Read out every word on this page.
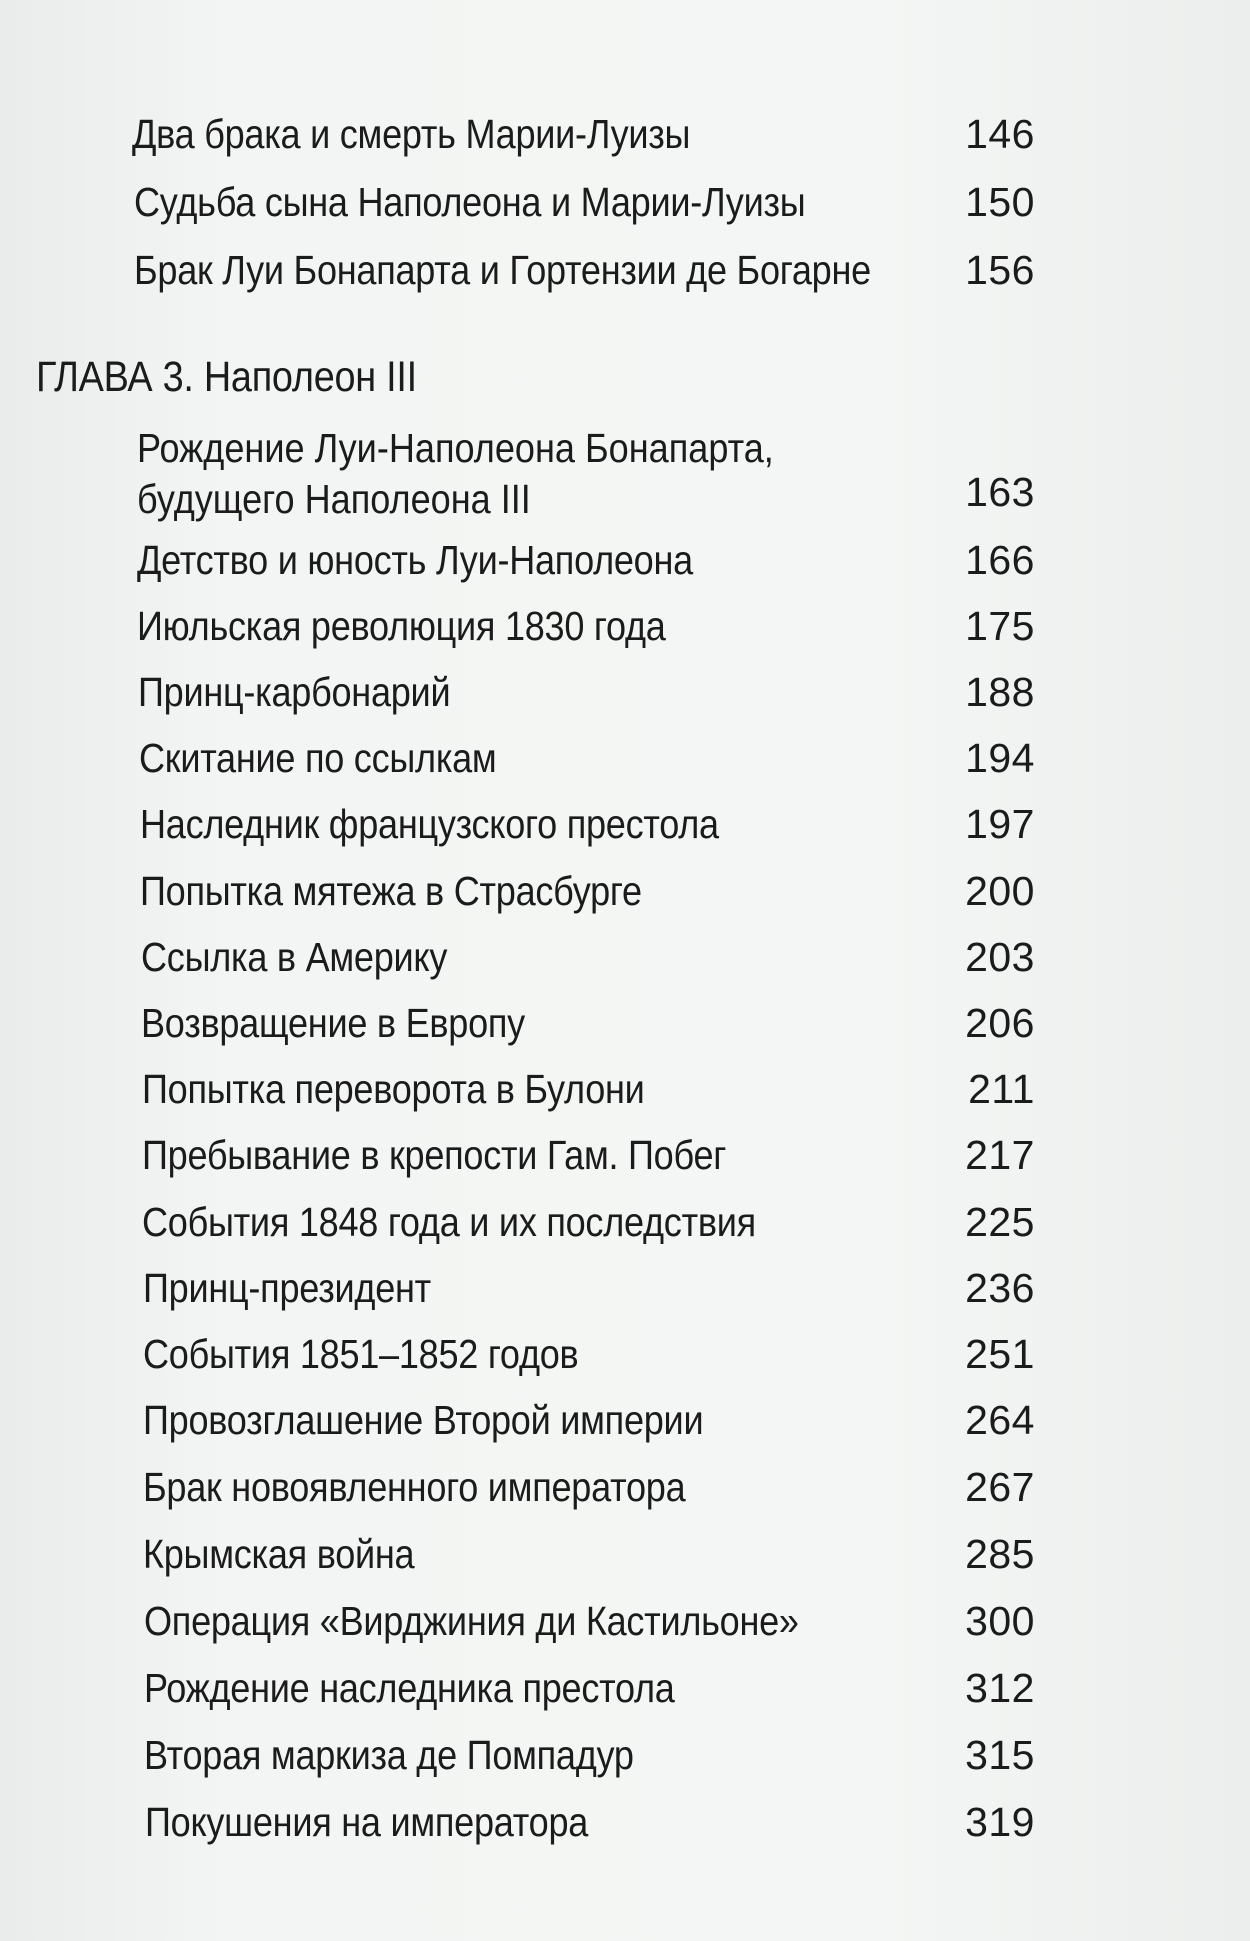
Два брака и смерть Марии-Луизы	146
Судьба сына Наполеона и Марии-Луизы	150
Брак Луи Бонапарта и Гортензии де Богарне 156
ГЛАВА 3. Наполеон III
Рождение Луи-Наполеона Бонапарта,
будущего Наполеона III	163
Детство и юность Луи-Наполеона	166
Июльская революция 1830 года	175
Принц-карбонарий	188
Скитание по ссылкам	194
Наследник французского престола	197
Попытка мятежа в Страсбурге	200
Ссылка в Америку	203
Возвращение в Европу	206
Попытка переворота в Булони	211
Пребывание в крепости Гам. Побег	217
События 1848 года и их последствия	225
Принц-президент	236
События 1851–1852 годов	251
Провозглашение Второй империи	264
Брак новоявленного императора	267
Крымская война	285
Операция «Вирджиния ди Кастильоне»	300
Рождение наследника престола	312
Вторая маркиза де Помпадур	315
Покушения на императора	319
